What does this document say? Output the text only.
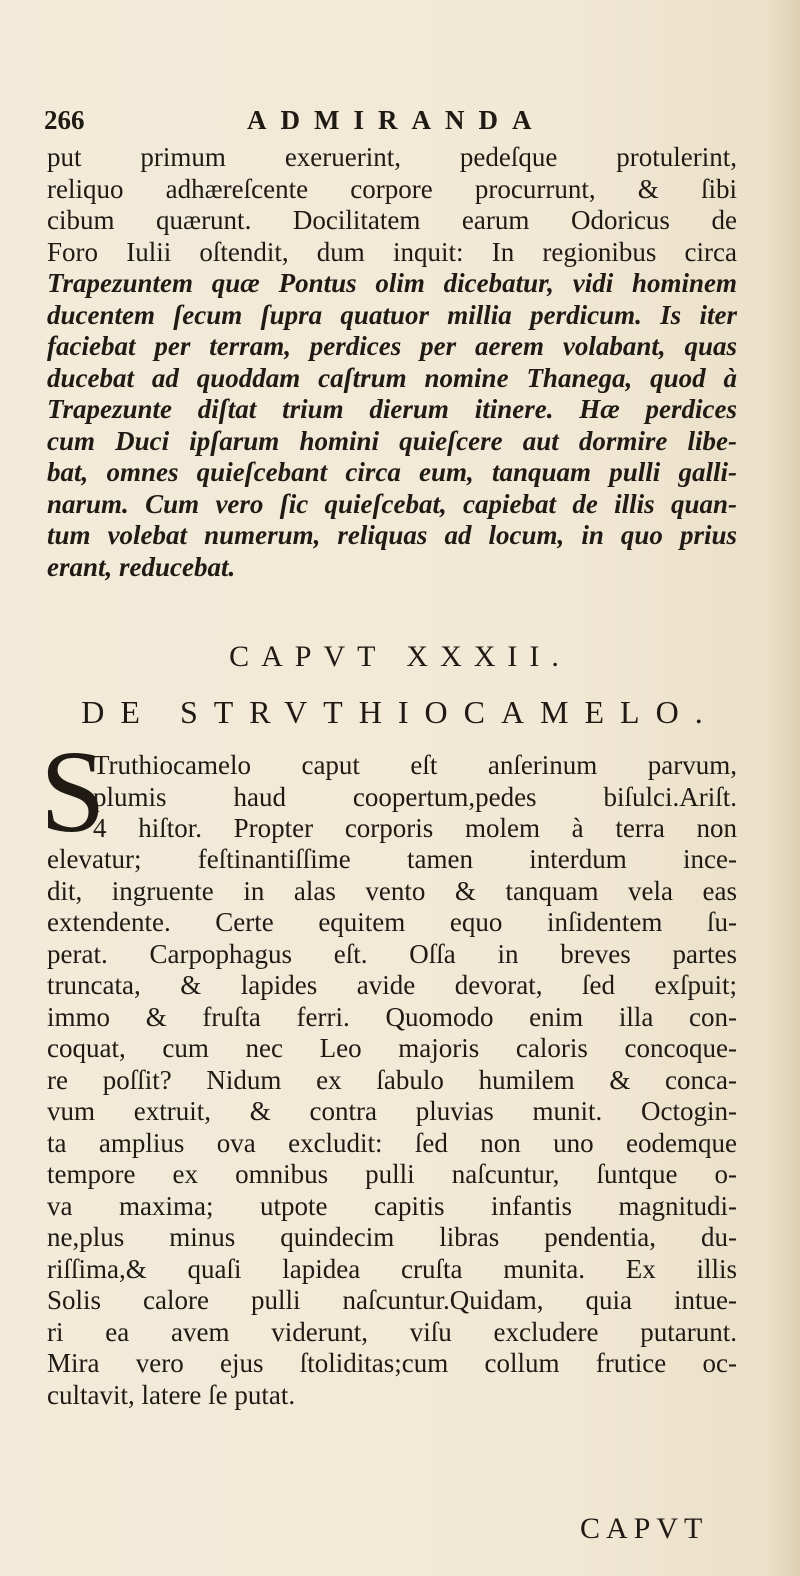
266	ADMIRANDA

put primum exeruerint, pedeſque protulerint,

reliquo adhæreſcente corpore procurrunt, & ſibi

cibum quærunt. Docilitatem earum Odoricus de

Foro Iulii oſtendit, dum inquit: In regionibus circa

Trapezuntem quæ Pontus olim dicebatur, vidi hominem

ducentem ſecum ſupra quatuor millia perdicum. Is iter

faciebat per terram, perdices per aerem volabant, quas

ducebat ad quoddam caſtrum nomine Thanega, quod à

Trapezunte diſtat trium dierum itinere. Hæ perdices

cum Duci ipſarum homini quieſcere aut dormire libe-

bat, omnes quieſcebant circa eum, tanquam pulli galli-

narum. Cum vero ſic quieſcebat, capiebat de illis quan-

tum volebat numerum, reliquas ad locum, in quo prius

erant, reducebat.

CAPVT XXXII.
DE STRVTHIOCAMELO.
S

Truthiocamelo caput eſt anſerinum parvum,

plumis haud coopertum,pedes biſulci.Ariſt.

4 hiſtor. Propter corporis molem à terra non

elevatur; feſtinantiſſime tamen interdum ince-

dit, ingruente in alas vento & tanquam vela eas

extendente. Certe equitem equo inſidentem ſu-

perat. Carpophagus eſt. Oſſa in breves partes

truncata, & lapides avide devorat, ſed exſpuit;

immo & fruſta ferri. Quomodo enim illa con-

coquat, cum nec Leo majoris caloris concoque-

re poſſit? Nidum ex ſabulo humilem & conca-

vum extruit, & contra pluvias munit. Octogin-

ta amplius ova excludit: ſed non uno eodemque

tempore ex omnibus pulli naſcuntur, ſuntque o-

va maxima; utpote capitis infantis magnitudi-

ne,plus minus quindecim libras pendentia, du-

riſſima,& quaſi lapidea cruſta munita. Ex illis

Solis calore pulli naſcuntur.Quidam, quia intue-

ri ea avem viderunt, viſu excludere putarunt.

Mira vero ejus ſtoliditas;cum collum frutice oc-

cultavit, latere ſe putat.

CAPVT
